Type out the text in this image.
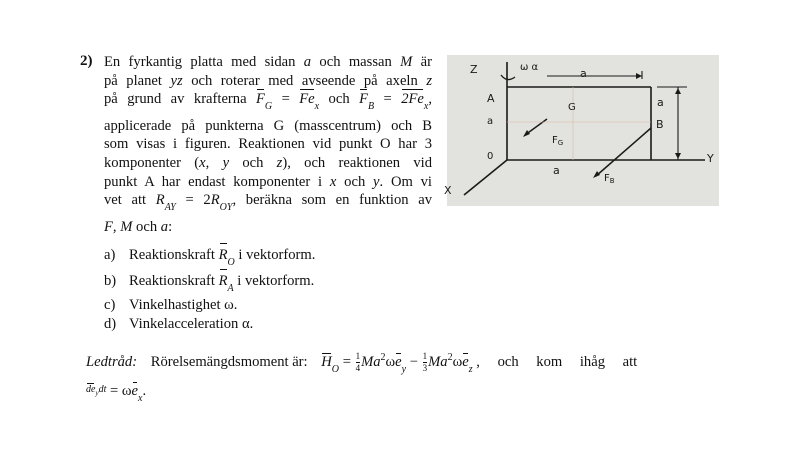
2) En fyrkantig platta med sidan a och massan M är
på planet yz och roterar med avseende på axeln z
på grund av krafterna $F_G = Fe_x$ och $F_B = 2Fe_x$,
applicerade på punkterna G (masscentrum) och B
som visas i figuren. Reaktionen vid punkt O har 3
komponenter (x, y och z), och reaktionen vid
punkt A har endast komponenter i x och y. Om vi
vet att $R_{AY} = 2R_{OY}$, beräkna som en funktion av
F, M och a:
a) Reaktionskraft $R_O$ i vektorform.
b) Reaktionskraft $R_A$ i vektorform.
c) Vinkelhastighet ω.
d) Vinkelacceleration α.
Ledtråd: Rörelsemängdsmoment är: $H_O = \frac{1}{4} Ma^2\omega e_y - \frac{1}{3} Ma^2\omega e_z$ , och kom ihåg att
$de_ydt = \omega e_x$.
Z	ω α	a
A
a
G
$F_G$
0
a
$F_B$
a
B
Y
X
